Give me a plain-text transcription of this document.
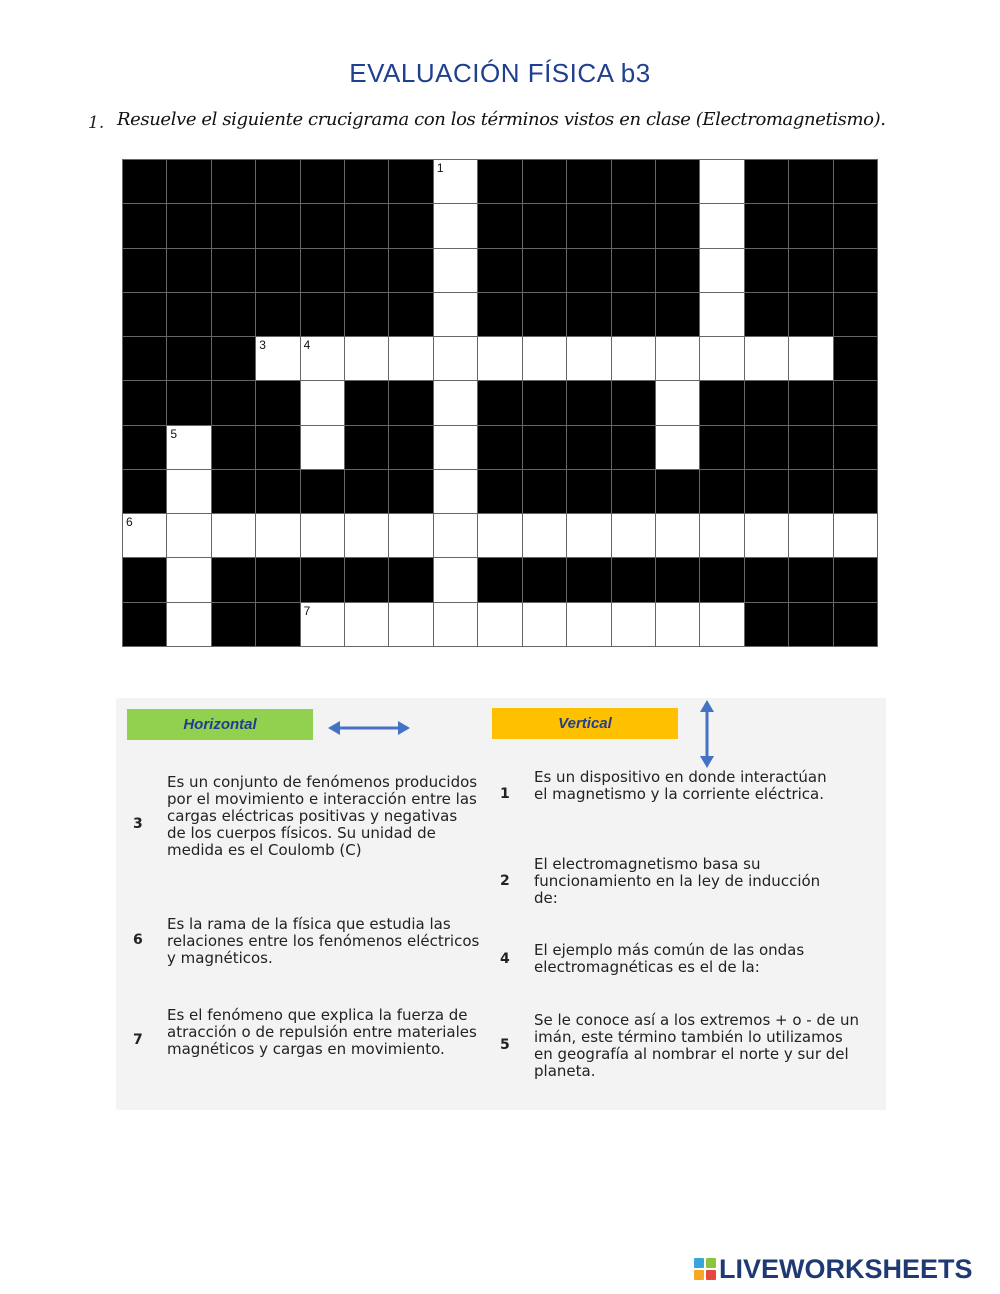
EVALUACIÓN FÍSICA b3
1. Resuelve el siguiente crucigrama con los términos vistos en clase (Electromagnetismo).
1
3	4
5
6
7
Horizontal	Vertical
3
Es un conjunto de fenómenos producidos por el movimiento e interacción entre las cargas eléctricas positivas y negativas de los cuerpos físicos. Su unidad de medida es el Coulomb (C)
6
Es la rama de la física que estudia las relaciones entre los fenómenos eléctricos y magnéticos.
7
Es el fenómeno que explica la fuerza de atracción o de repulsión entre materiales magnéticos y cargas en movimiento.
1
Es un dispositivo en donde interactúan el magnetismo y la corriente eléctrica.
2
El electromagnetismo basa su funcionamiento en la ley de inducción de:
4 El ejemplo más común de las ondas electromagnéticas es el de la:
5
Se le conoce así a los extremos + o - de un imán, este término también lo utilizamos en geografía al nombrar el norte y sur del planeta.
LIVEWORKSHEETS
